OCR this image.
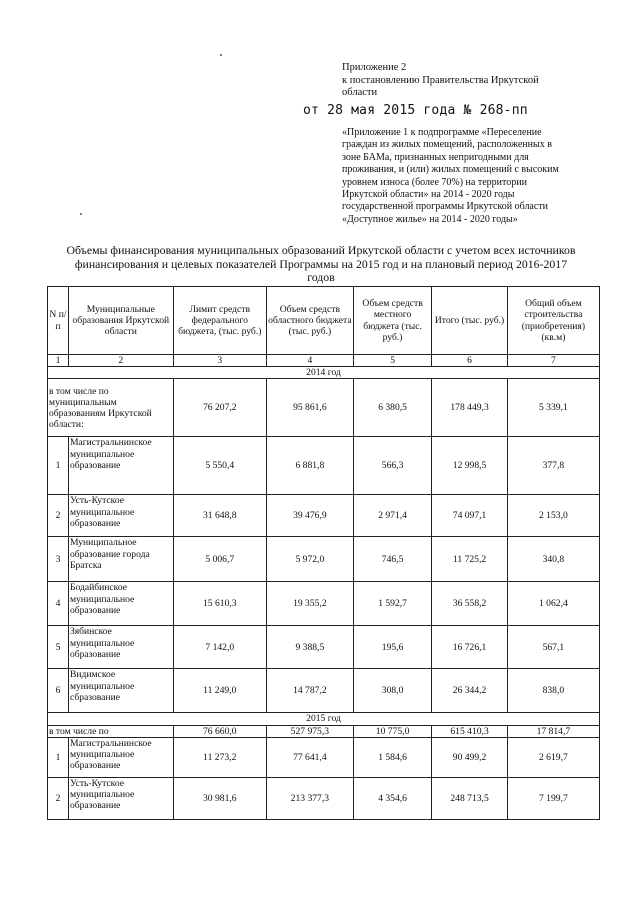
Приложение 2
к постановлению Правительства Иркутской
области
от 28 мая 2015 года № 268-пп
«Приложение 1 к подпрограмме «Переселение
граждан из жилых помещений, расположенных в
зоне БАМа, признанных непригодными для
проживания, и (или) жилых помещений с высоким
уровнем износа (более 70%) на территории
Иркутской области» на 2014 - 2020 годы
государственной программы Иркутской области
«Доступное жилье» на 2014 - 2020 годы»
Объемы финансирования муниципальных образований Иркутской области с учетом всех источников
финансирования и целевых показателей Программы на 2015 год и на плановый период 2016-2017
годов
N п/п	Муниципальные образования Иркутской области	Лимит средств федерального бюджета, (тыс. руб.)	Объем средств областного бюджета (тыс. руб.)	Объем средств местного бюджета (тыс. руб.)	Итого (тыс. руб.)	Общий объем строительства (приобретения) (кв.м)
1	2	3	4	5	6	7
2014 год						
в том числе по муниципальным образованиям Иркутской области:		76 207,2	95 861,6	6 380,5	178 449,3	5 339,1
1	Магистральнинское муниципальное образование	5 550,4	6 881,8	566,3	12 998,5	377,8
2	Усть-Кутское муниципальное образование	31 648,8	39 476,9	2 971,4	74 097,1	2 153,0
3	Муниципальное образование города Братска	5 006,7	5 972,0	746,5	11 725,2	340,8
4	Бодайбинское муниципальное образование	15 610,3	19 355,2	1 592,7	36 558,2	1 062,4
5	Зябинское муниципальное образование	7 142,0	9 388,5	195,6	16 726,1	567,1
6	Видимское муниципальное сбразование	11 249,0	14 787,2	308,0	26 344,2	838,0
2015 год						
в том числе по		76 660,0	527 975,3	10 775,0	615 410,3	17 814,7
1	Магистральнинское муниципальное образование	11 273,2	77 641,4	1 584,6	90 499,2	2 619,7
2	Усть-Кутское муниципальное образование	30 981,6	213 377,3	4 354,6	248 713,5	7 199,7
